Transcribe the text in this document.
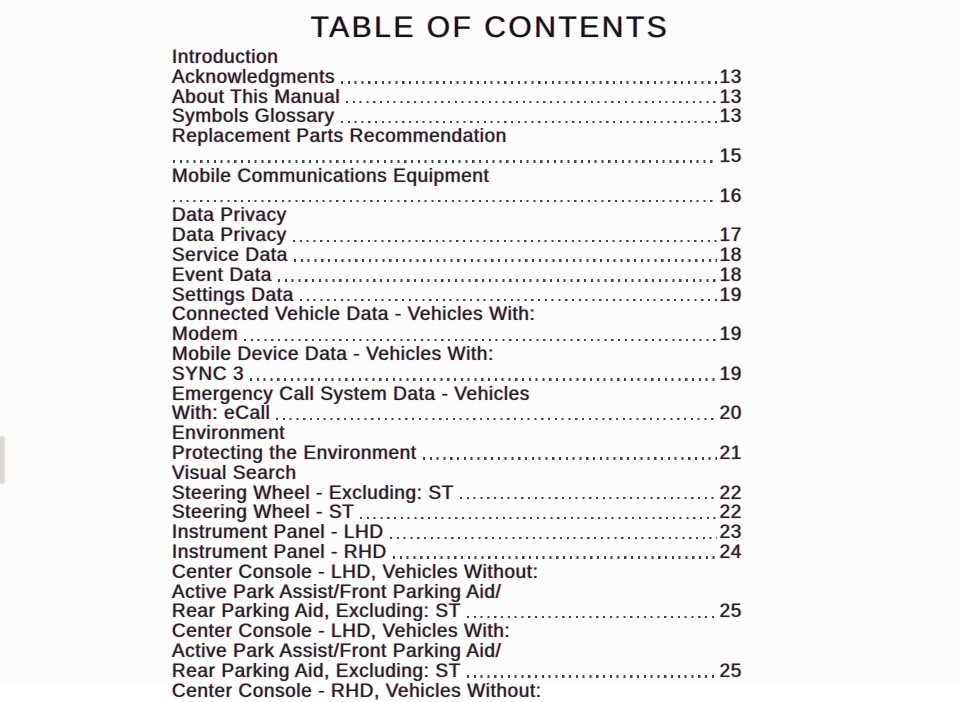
TABLE OF CONTENTS
Introduction
Acknowledgments	13
About This Manual	13
Symbols Glossary	13
Replacement Parts Recommendation
15
Mobile Communications Equipment
16
Data Privacy
Data Privacy	17
Service Data	18
Event Data	18
Settings Data	19
Connected Vehicle Data - Vehicles With:
Modem	19
Mobile Device Data - Vehicles With:
SYNC 3	19
Emergency Call System Data - Vehicles
With: eCall	20
Environment
Protecting the Environment	21
Visual Search
Steering Wheel - Excluding: ST	22
Steering Wheel - ST	22
Instrument Panel - LHD	23
Instrument Panel - RHD	24
Center Console - LHD, Vehicles Without:
Active Park Assist/Front Parking Aid/
Rear Parking Aid, Excluding: ST	25
Center Console - LHD, Vehicles With:
Active Park Assist/Front Parking Aid/
Rear Parking Aid, Excluding: ST	25
Center Console - RHD, Vehicles Without:
